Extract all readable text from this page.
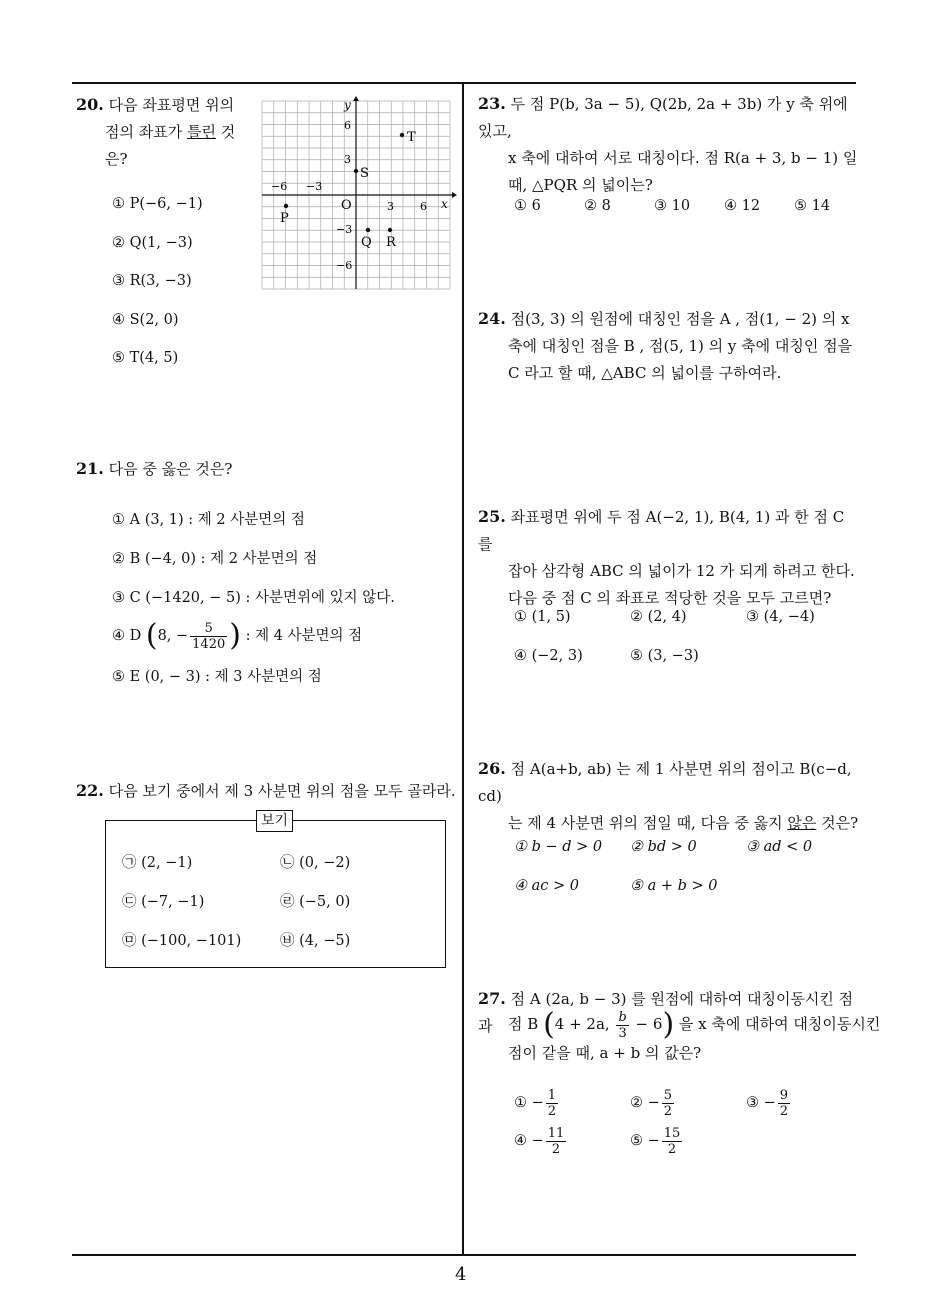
4
20. 다음 좌표평면 위의
점의 좌표가 틀린 것
은?
① P(−6, −1)
② Q(1, −3)
③ R(3, −3)
④ S(2, 0)
⑤ T(4, 5)
y
x
O
−6 −3
3 6
6
3
−3
−6
P
Q R
S
T
21. 다음 중 옳은 것은?
① A (3, 1) : 제 2 사분면의 점
② B (−4, 0) : 제 2 사분면의 점
③ C (−1420, − 5) : 사분면위에 있지 않다.
④ D (8, − $\frac{5}{1420}$ ) : 제 4 사분면의 점
⑤ E (0, − 3) : 제 3 사분면의 점
22. 다음 보기 중에서 제 3 사분면 위의 점을 모두 골라라.
보기
㉠ (2, −1)	㉡ (0, −2)
㉢ (−7, −1)	㉣ (−5, 0)
㉤ (−100, −101)	㉥ (4, −5)
23. 두 점 P(b, 3a − 5), Q(2b, 2a + 3b) 가 y 축 위에 있고,
x 축에 대하여 서로 대칭이다. 점 R(a + 3, b − 1) 일
때, △PQR 의 넓이는?
① 6	② 8	③ 10 ④ 12 ⑤ 14
24. 점(3, 3) 의 원점에 대칭인 점을 A , 점(1, − 2) 의 x
축에 대칭인 점을 B , 점(5, 1) 의 y 축에 대칭인 점을
C 라고 할 때, △ABC 의 넓이를 구하여라.
25. 좌표평면 위에 두 점 A(−2, 1), B(4, 1) 과 한 점 C 를
잡아 삼각형 ABC 의 넓이가 12 가 되게 하려고 한다.
다음 중 점 C 의 좌표로 적당한 것을 모두 고르면?
① (1, 5)	② (2, 4)	③ (4, −4)
④ (−2, 3)	⑤ (3, −3)
26. 점 A(a+b, ab) 는 제 1 사분면 위의 점이고 B(c−d, cd)
는 제 4 사분면 위의 점일 때, 다음 중 옳지 않은 것은?
① b − d > 0 ② bd > 0	③ ad < 0
④ ac > 0	⑤ a + b > 0
27. 점 A (2a, b − 3) 를 원점에 대하여 대칭이동시킨 점과	점 B (4 + 2a, $\frac{b}{3} - 6$) 을 x 축에 대하여 대칭이동시킨
점이 같을 때, a + b 의 값은?
① − $\frac{1}{2}$	② − $\frac{5}{2}$	③ − $\frac{9}{2}$
④ − $\frac{11}{2}$	⑤ − $\frac{15}{2}$
